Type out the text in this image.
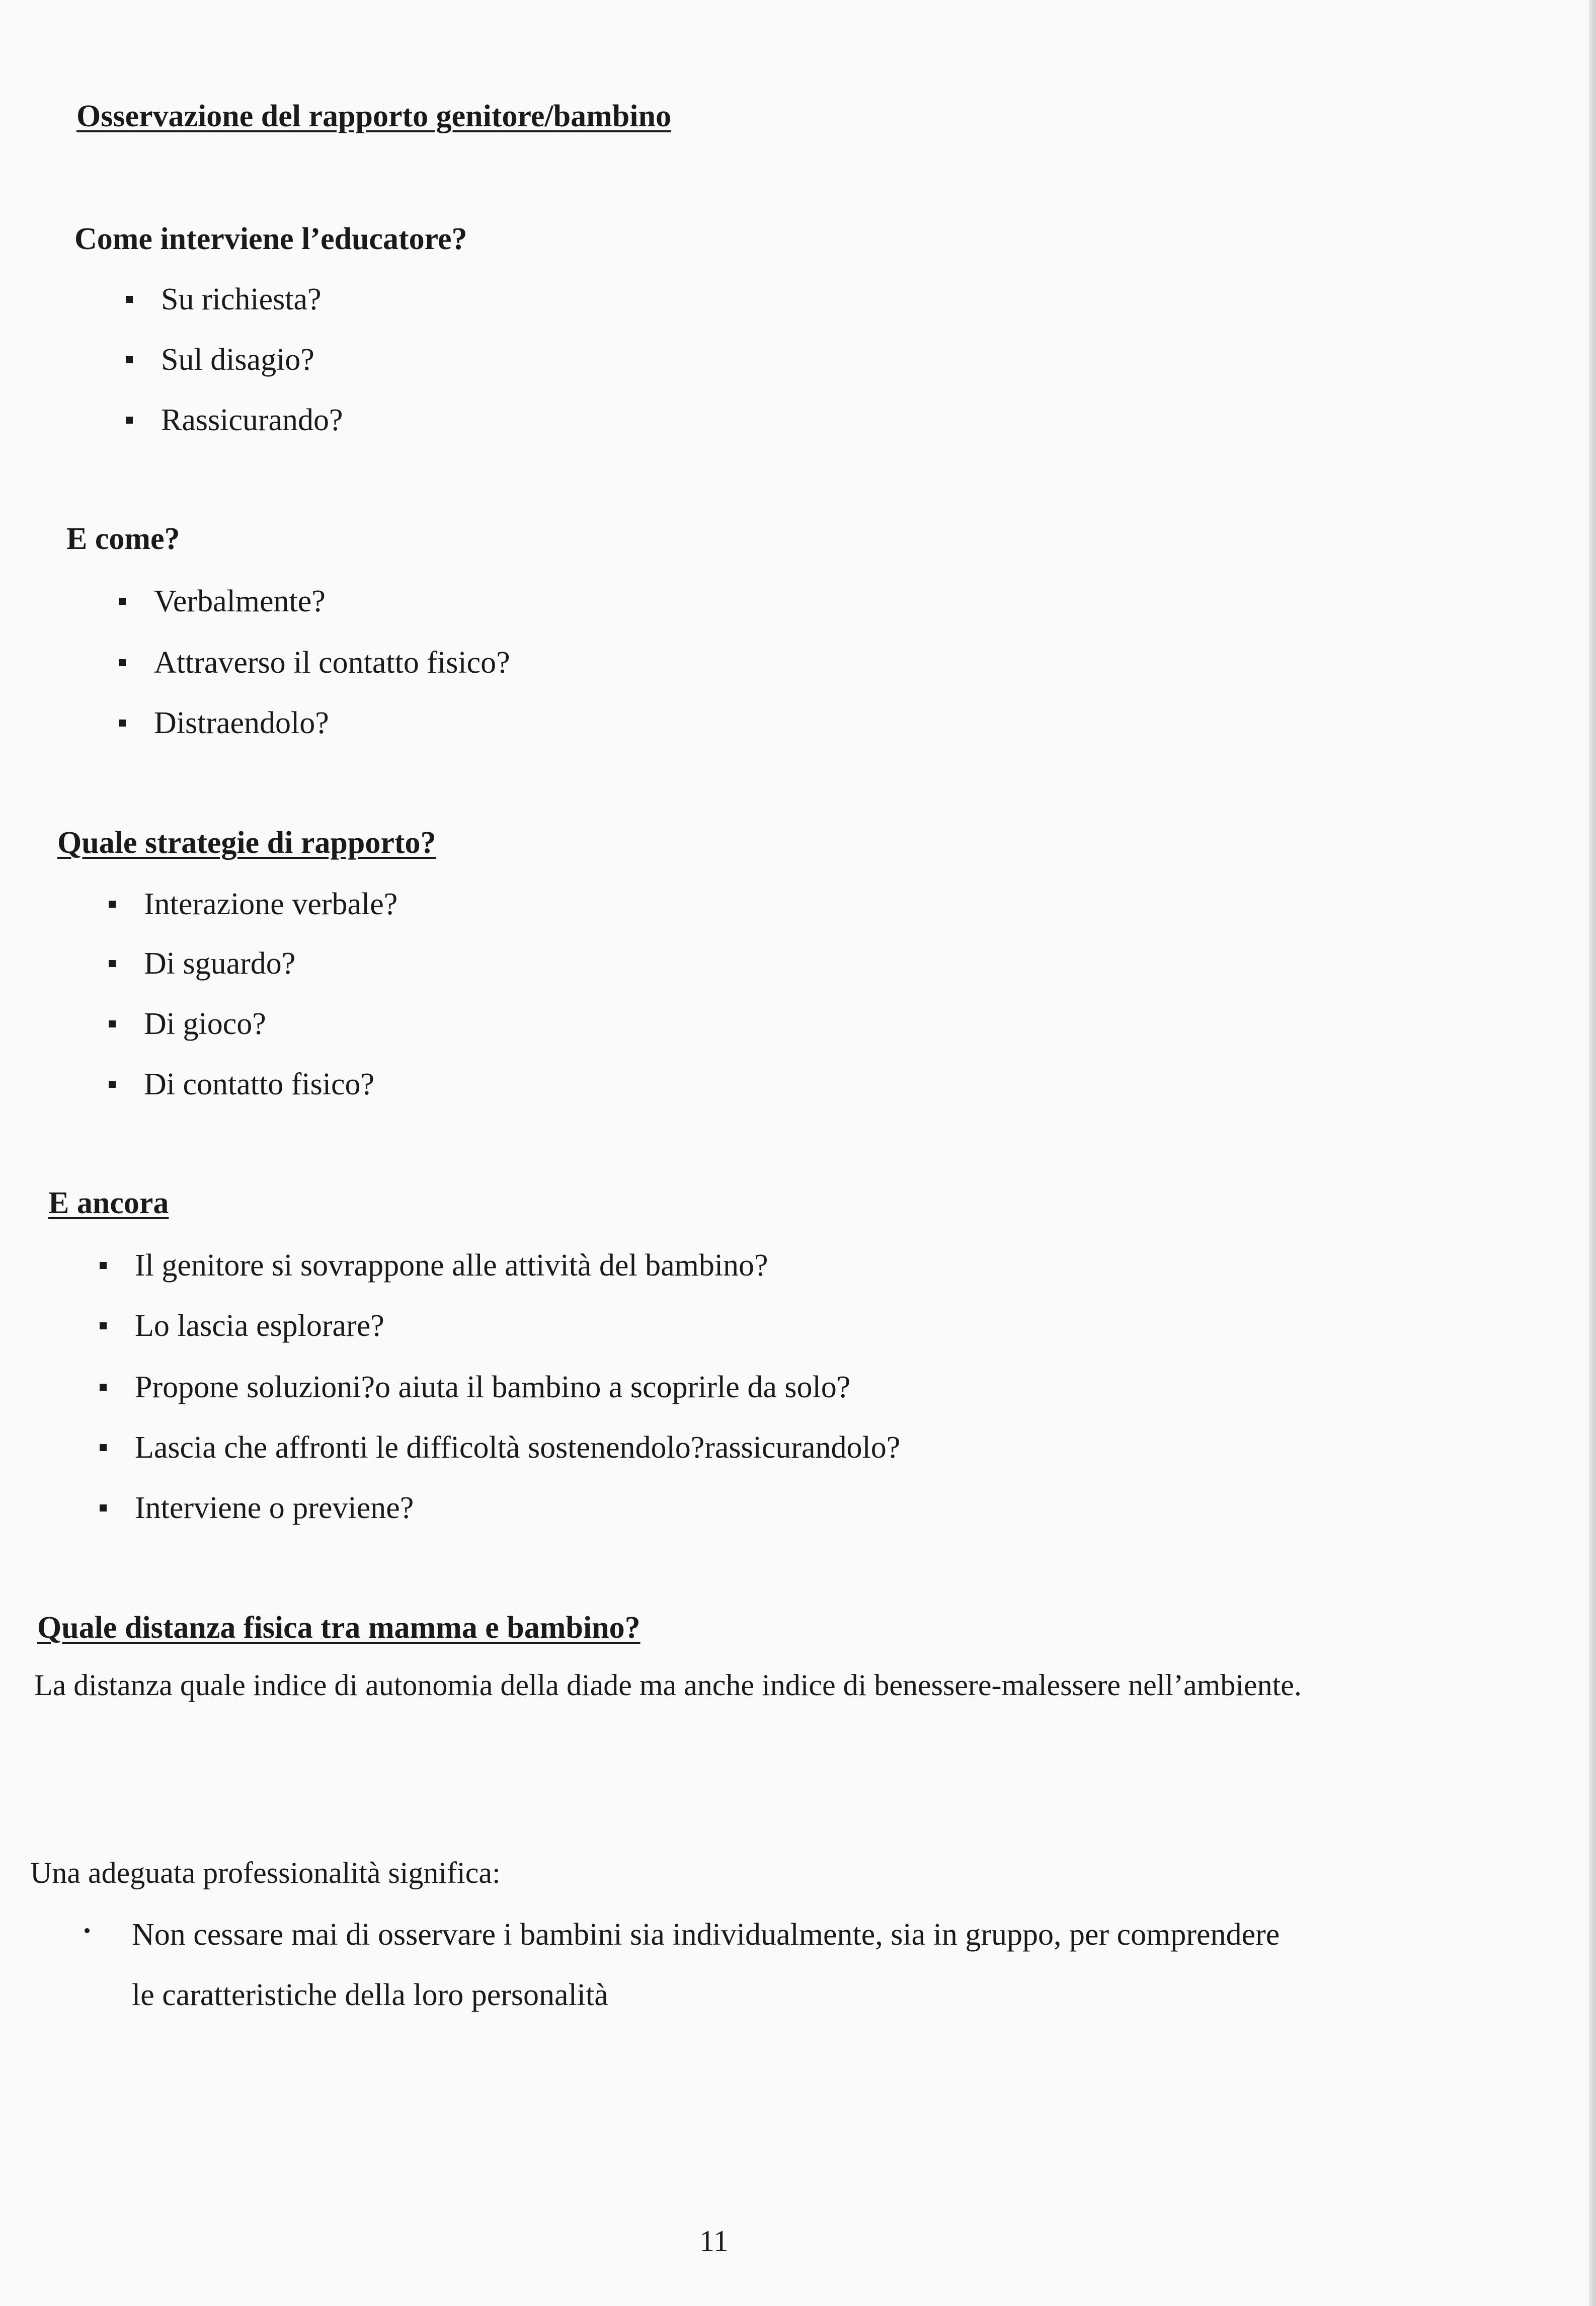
Osservazione del rapporto genitore/bambino

Come interviene l’educatore?

Su richiesta?
Sul disagio?
Rassicurando?

E come?

Verbalmente?
Attraverso il contatto fisico?
Distraendolo?
Quale strategie di rapporto?
Interazione verbale?
Di sguardo?
Di gioco?
Di contatto fisico?
E ancora
Il genitore si sovrappone alle attività del bambino?
Lo lascia esplorare?
Propone soluzioni?o aiuta il bambino a scoprirle da solo?
Lascia che affronti le difficoltà sostenendolo?rassicurandolo?
Interviene o previene?
Quale distanza fisica tra mamma e bambino?

La distanza quale indice di autonomia della diade ma anche indice di benessere-malessere nell’ambiente.

Una adeguata professionalità significa:

Non cessare mai di osservare i bambini sia individualmente, sia in gruppo, per comprendere
le caratteristiche della loro personalità
11
